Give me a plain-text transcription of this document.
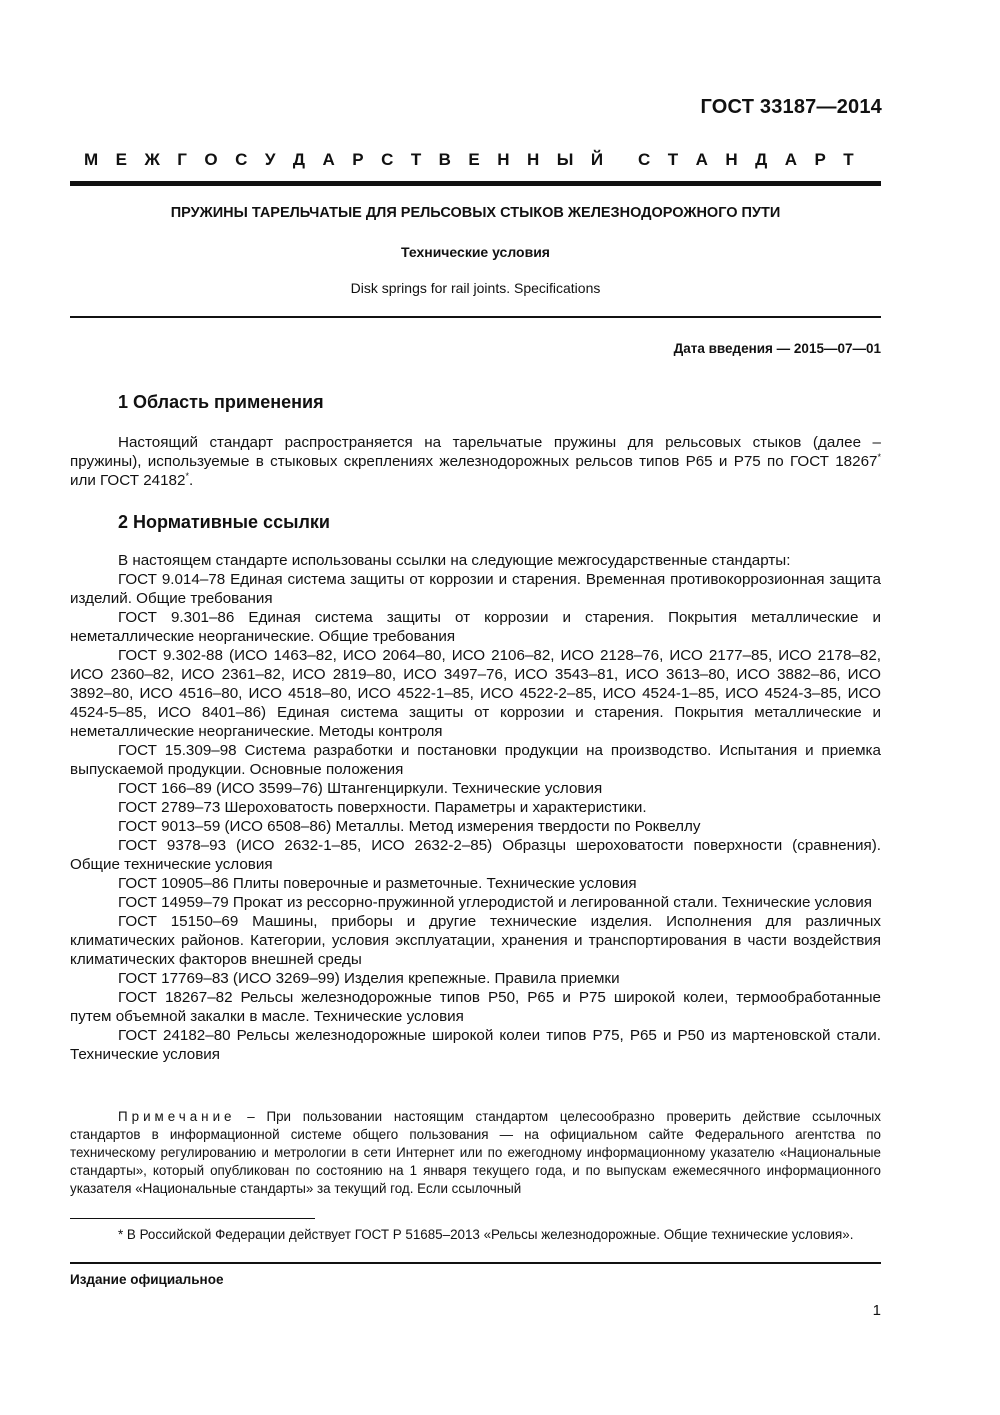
ГОСТ 33187—2014
М Е Ж Г О С У Д А Р С Т В Е Н Н Ы Й С Т А Н Д А Р Т
ПРУЖИНЫ ТАРЕЛЬЧАТЫЕ ДЛЯ РЕЛЬСОВЫХ СТЫКОВ ЖЕЛЕЗНОДОРОЖНОГО ПУТИ
Технические условия
Disk springs for rail joints. Specifications
Дата введения — 2015—07—01
1 Область применения

Настоящий стандарт распространяется на тарельчатые пружины для рельсовых стыков (далее – пружины), используемые в стыковых скреплениях железнодорожных рельсов типов Р65 и Р75 по ГОСТ 18267* или ГОСТ 24182*.

2 Нормативные ссылки

В настоящем стандарте использованы ссылки на следующие межгосударственные стандарты:

ГОСТ 9.014–78 Единая система защиты от коррозии и старения. Временная противокоррозионная защита изделий. Общие требования

ГОСТ 9.301–86 Единая система защиты от коррозии и старения. Покрытия металлические и неметаллические неорганические. Общие требования

ГОСТ 9.302-88 (ИСО 1463–82, ИСО 2064–80, ИСО 2106–82, ИСО 2128–76, ИСО 2177–85, ИСО 2178–82, ИСО 2360–82, ИСО 2361–82, ИСО 2819–80, ИСО 3497–76, ИСО 3543–81, ИСО 3613–80, ИСО 3882–86, ИСО 3892–80, ИСО 4516–80, ИСО 4518–80, ИСО 4522-1–85, ИСО 4522-2–85, ИСО 4524-1–85, ИСО 4524-3–85, ИСО 4524-5–85, ИСО 8401–86) Единая система защиты от коррозии и старения. Покрытия металлические и неметаллические неорганические. Методы контроля

ГОСТ 15.309–98 Система разработки и постановки продукции на производство. Испытания и приемка выпускаемой продукции. Основные положения

ГОСТ 166–89 (ИСО 3599–76) Штангенциркули. Технические условия

ГОСТ 2789–73 Шероховатость поверхности. Параметры и характеристики.

ГОСТ 9013–59 (ИСО 6508–86) Металлы. Метод измерения твердости по Роквеллу

ГОСТ 9378–93 (ИСО 2632-1–85, ИСО 2632-2–85) Образцы шероховатости поверхности (сравнения). Общие технические условия

ГОСТ 10905–86 Плиты поверочные и разметочные. Технические условия

ГОСТ 14959–79 Прокат из рессорно-пружинной углеродистой и легированной стали. Технические условия

ГОСТ 15150–69 Машины, приборы и другие технические изделия. Исполнения для различных климатических районов. Категории, условия эксплуатации, хранения и транспортирования в части воздействия климатических факторов внешней среды

ГОСТ 17769–83 (ИСО 3269–99) Изделия крепежные. Правила приемки

ГОСТ 18267–82 Рельсы железнодорожные типов Р50, Р65 и Р75 широкой колеи, термообработанные путем объемной закалки в масле. Технические условия

ГОСТ 24182–80 Рельсы железнодорожные широкой колеи типов Р75, Р65 и Р50 из мартеновской стали. Технические условия

Примечание – При пользовании настоящим стандартом целесообразно проверить действие ссылочных стандартов в информационной системе общего пользования — на официальном сайте Федерального агентства по техническому регулированию и метрологии в сети Интернет или по ежегодному информационному указателю «Национальные стандарты», который опубликован по состоянию на 1 января текущего года, и по выпускам ежемесячного информационного указателя «Национальные стандарты» за текущий год. Если ссылочный
* В Российской Федерации действует ГОСТ Р 51685–2013 «Рельсы железнодорожные. Общие технические условия».
Издание официальное
1
